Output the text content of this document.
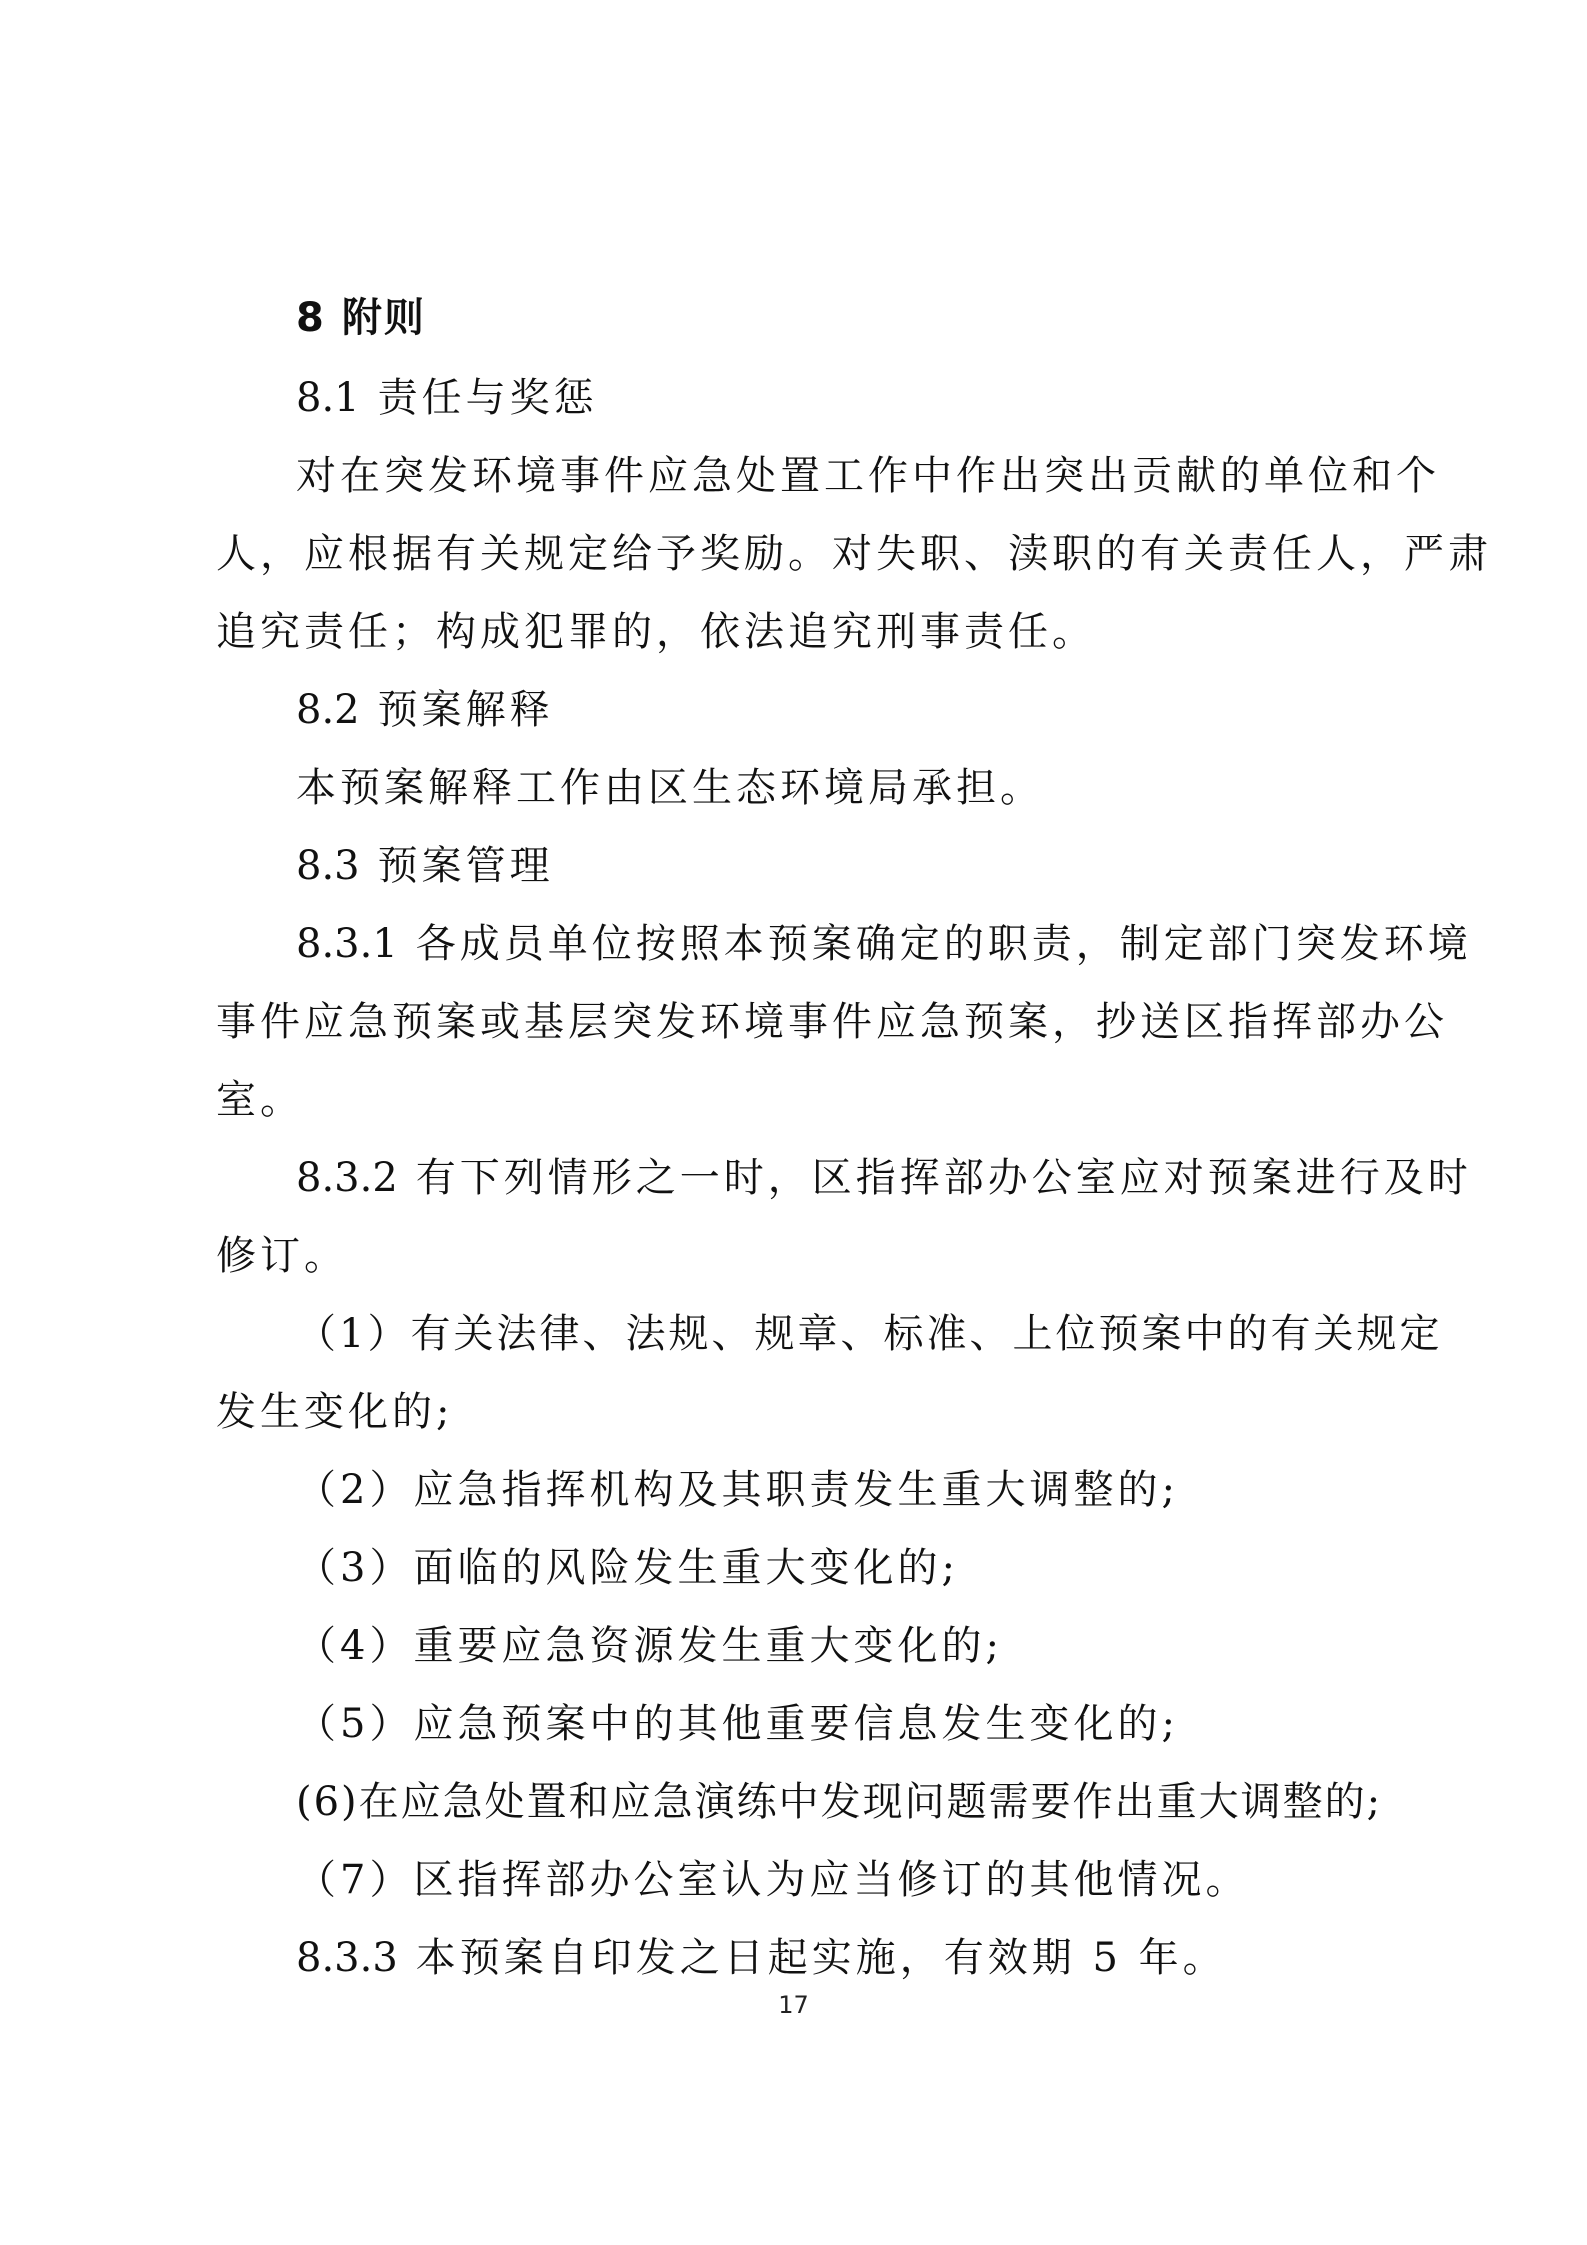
8 附则
8.1 责任与奖惩
对在突发环境事件应急处置工作中作出突出贡献的单位和个
人，应根据有关规定给予奖励。对失职、渎职的有关责任人，严肃
追究责任；构成犯罪的，依法追究刑事责任。
8.2 预案解释
本预案解释工作由区生态环境局承担。
8.3 预案管理
8.3.1 各成员单位按照本预案确定的职责，制定部门突发环境
事件应急预案或基层突发环境事件应急预案，抄送区指挥部办公
室。
8.3.2 有下列情形之一时，区指挥部办公室应对预案进行及时
修订。
（1）有关法律、法规、规章、标准、上位预案中的有关规定
发生变化的;
（2）应急指挥机构及其职责发生重大调整的;
（3）面临的风险发生重大变化的;
（4）重要应急资源发生重大变化的;
（5）应急预案中的其他重要信息发生变化的;
(6)在应急处置和应急演练中发现问题需要作出重大调整的;
（7）区指挥部办公室认为应当修订的其他情况。
8.3.3 本预案自印发之日起实施，有效期 5 年。
17
